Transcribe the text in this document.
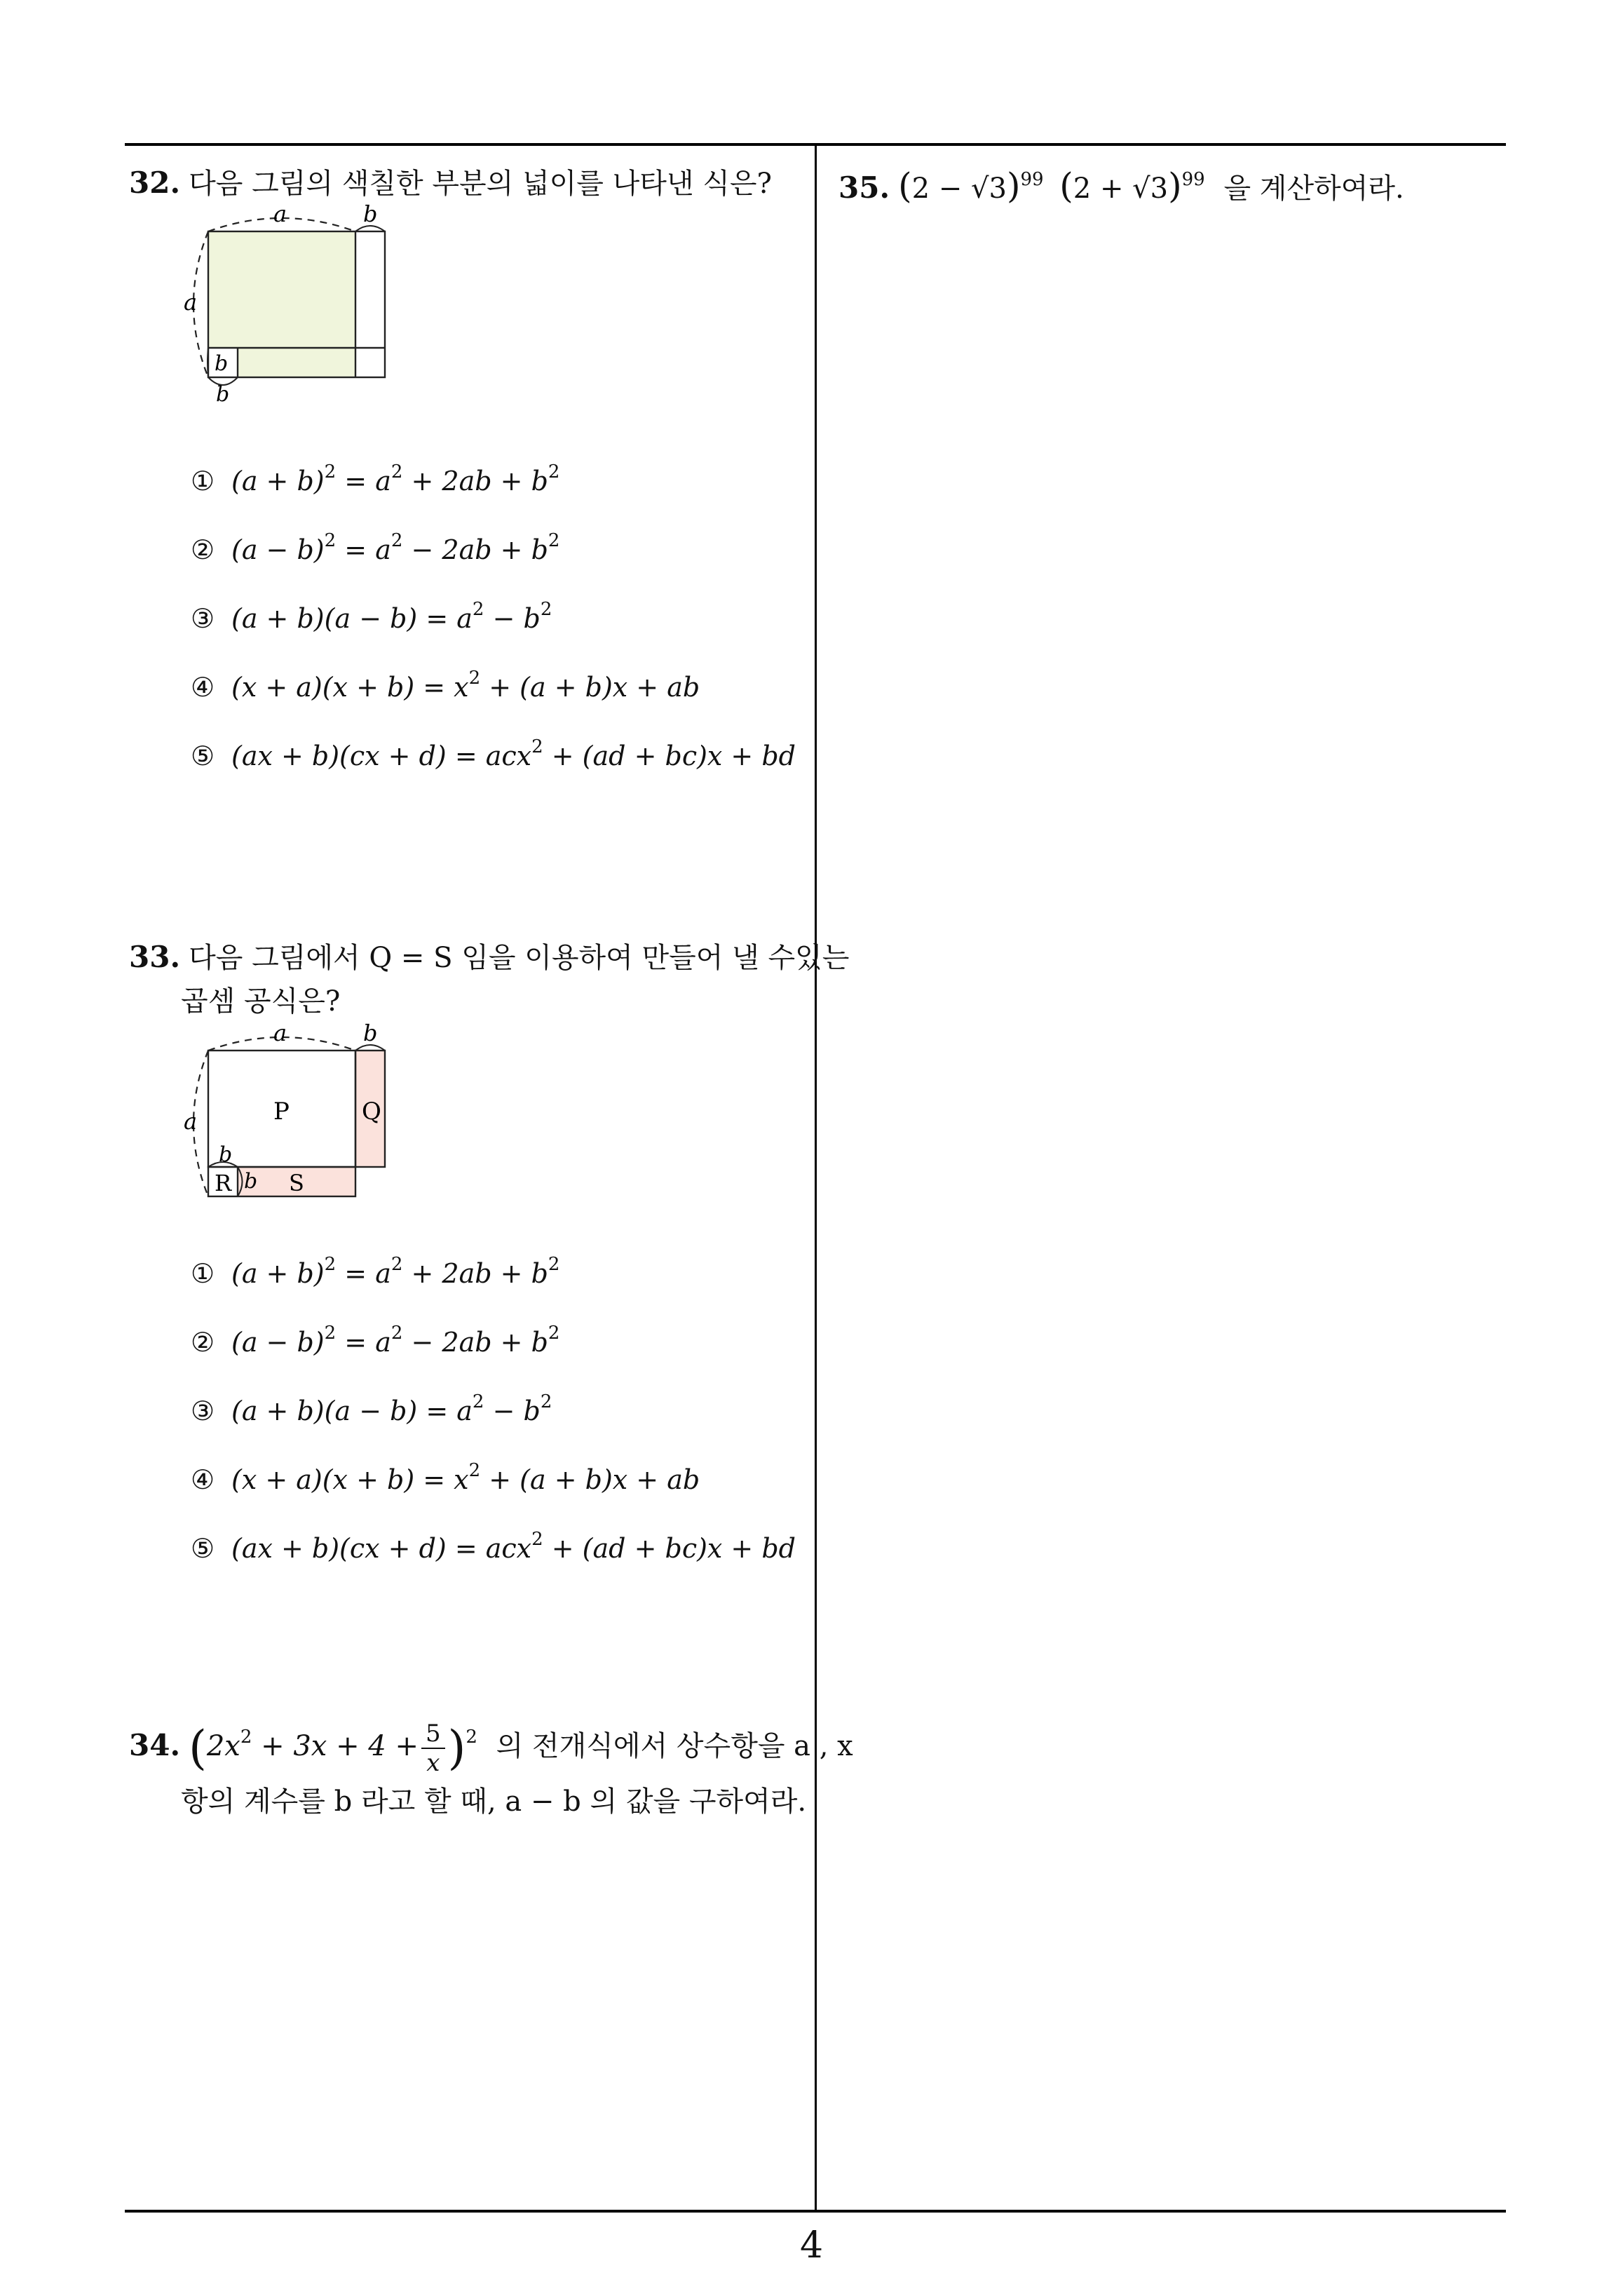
4
32. 다음 그림의 색칠한 부분의 넓이를 나타낸 식은?
a	b
a
b
b
① $(a + b)^2 = a^2 + 2ab + b^2$
② $(a - b)^2 = a^2 - 2ab + b^2$
③ $(a + b)(a - b) = a^2 - b^2$
④ $(x + a)(x + b) = x^2 + (a + b)x$ + ab
⑤ (ax + b)(cx + d) = acx$^2$ + (ad + bc)x + bd
33. 다음 그림에서 Q = S 임을 이용하여 만들어 낼 수있는
곱셈 공식은?
a	b
a	P	Q
R	S
b
b
① $(a + b)^2 = a^2 + 2ab + b^2$
② $(a - b)^2 = a^2 - 2ab + b^2$
③ $(a + b)(a - b) = a^2 - b^2$
④ $(x + a)(x + b) = x^2 + (a + b)x$ + ab
⑤ (ax + b)(cx + d) = acx$^2$ + (ad + bc)x + bd
34. $(2x^2 + 3x + 4 + \frac{5}{x} )^2$ 의 전개식에서 상수항을 a , x
항의 계수를 b 라고 할 때, a − b 의 값을 구하여라.
35. $(2 - √3)^{99}$ $(2 + √3)^{99}$ 을 계산하여라.
